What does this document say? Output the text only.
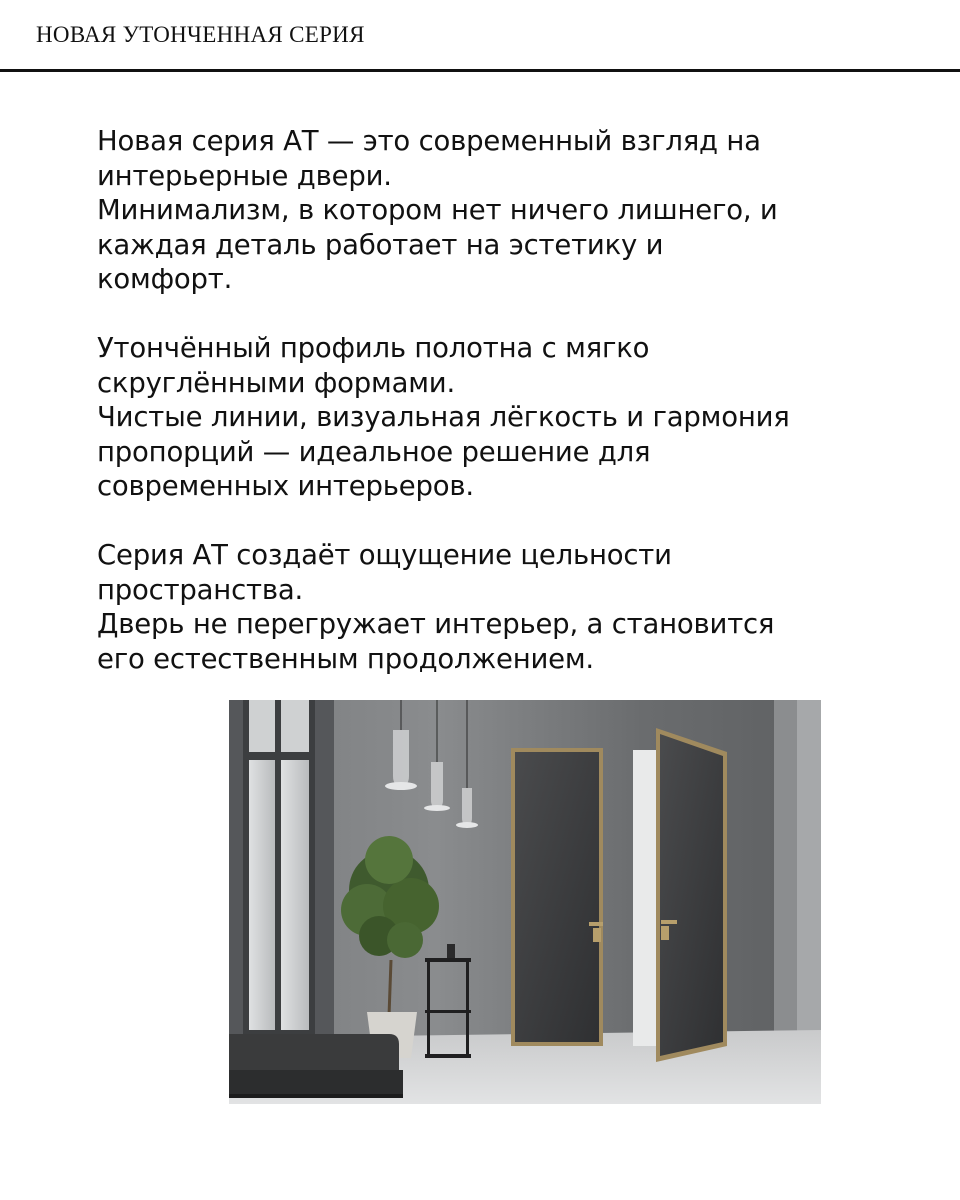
НОВАЯ УТОНЧЕННАЯ СЕРИЯ

Новая серия АТ — это современный взгляд на
интерьерные двери.
Минимализм, в котором нет ничего лишнего, и
каждая деталь работает на эстетику и
комфорт.

Утончённый профиль полотна с мягко
скруглёнными формами.
Чистые линии, визуальная лёгкость и гармония
пропорций — идеальное решение для
современных интерьеров.

Серия АТ создаёт ощущение цельности
пространства.
Дверь не перегружает интерьер, а становится
его естественным продолжением.
